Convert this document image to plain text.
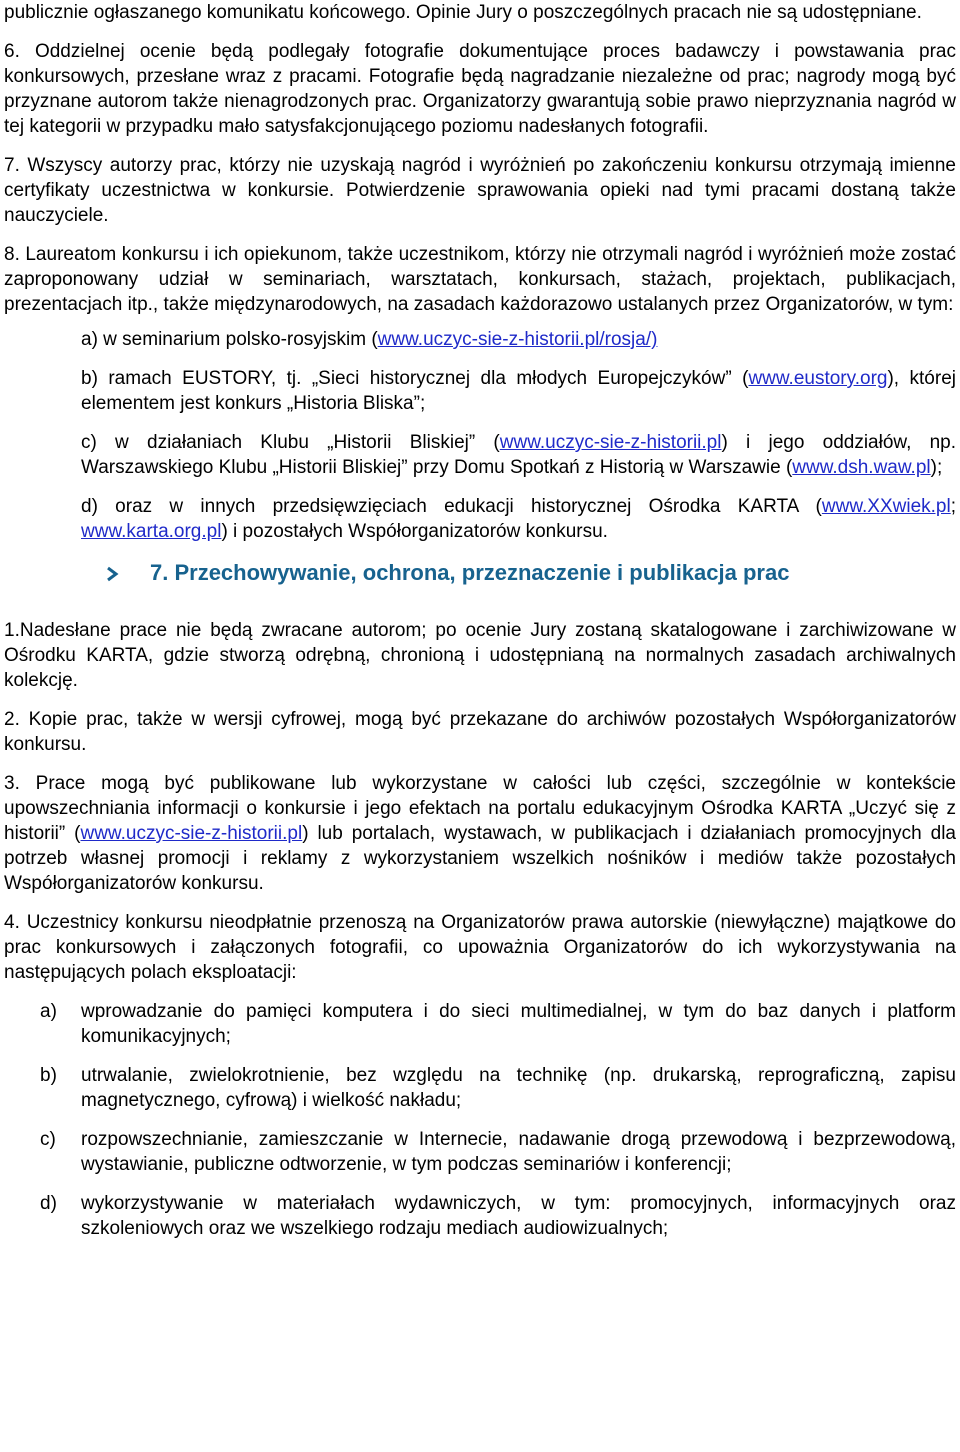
publicznie ogłaszanego komunikatu końcowego. Opinie Jury o poszczególnych pracach nie są udostępniane.

6. Oddzielnej ocenie będą podlegały fotografie dokumentujące proces badawczy i powstawania prac konkursowych, przesłane wraz z pracami. Fotografie będą nagradzanie niezależne od prac; nagrody mogą być przyznane autorom także nienagrodzonych prac. Organizatorzy gwarantują sobie prawo nieprzyznania nagród w tej kategorii w przypadku mało satysfakcjonującego poziomu nadesłanych fotografii.

7. Wszyscy autorzy prac, którzy nie uzyskają nagród i wyróżnień po zakończeniu konkursu otrzymają imienne certyfikaty uczestnictwa w konkursie. Potwierdzenie sprawowania opieki nad tymi pracami dostaną także nauczyciele.

8. Laureatom konkursu i ich opiekunom, także uczestnikom, którzy nie otrzymali nagród i wyróżnień może zostać zaproponowany udział w seminariach, warsztatach, konkursach, stażach, projektach, publikacjach, prezentacjach itp., także międzynarodowych, na zasadach każdorazowo ustalanych przez Organizatorów, w tym:

a) w seminarium polsko-rosyjskim (www.uczyc-sie-z-historii.pl/rosja/)

b) ramach EUSTORY, tj. „Sieci historycznej dla młodych Europejczyków” (www.eustory.org), której elementem jest konkurs „Historia Bliska”;

c) w działaniach Klubu „Historii Bliskiej” (www.uczyc-sie-z-historii.pl) i jego oddziałów, np. Warszawskiego Klubu „Historii Bliskiej” przy Domu Spotkań z Historią w Warszawie (www.dsh.waw.pl);

d) oraz w innych przedsięwzięciach edukacji historycznej Ośrodka KARTA (www.XXwiek.pl; www.karta.org.pl) i pozostałych Współorganizatorów konkursu.

7. Przechowywanie, ochrona, przeznaczenie i publikacja prac

1.Nadesłane prace nie będą zwracane autorom; po ocenie Jury zostaną skatalogowane i zarchiwizowane w Ośrodku KARTA, gdzie stworzą odrębną, chronioną i udostępnianą na normalnych zasadach archiwalnych kolekcję.

2. Kopie prac, także w wersji cyfrowej, mogą być przekazane do archiwów pozostałych Współorganizatorów konkursu.

3. Prace mogą być publikowane lub wykorzystane w całości lub części, szczególnie w kontekście upowszechniania informacji o konkursie i jego efektach na portalu edukacyjnym Ośrodka KARTA „Uczyć się z historii” (www.uczyc-sie-z-historii.pl) lub portalach, wystawach, w publikacjach i działaniach promocyjnych dla potrzeb własnej promocji i reklamy z wykorzystaniem wszelkich nośników i mediów także pozostałych Współorganizatorów konkursu.

4. Uczestnicy konkursu nieodpłatnie przenoszą na Organizatorów prawa autorskie (niewyłączne) majątkowe do prac konkursowych i załączonych fotografii, co upoważnia Organizatorów do ich wykorzystywania na następujących polach eksploatacji:

a)	wprowadzanie do pamięci komputera i do sieci multimedialnej, w tym do baz danych i platform komunikacyjnych;
b)	utrwalanie, zwielokrotnienie, bez względu na technikę (np. drukarską, reprograficzną, zapisu magnetycznego, cyfrową) i wielkość nakładu;
c)	rozpowszechnianie, zamieszczanie w Internecie, nadawanie drogą przewodową i bezprzewodową, wystawianie, publiczne odtworzenie, w tym podczas seminariów i konferencji;
d)	wykorzystywanie w materiałach wydawniczych, w tym: promocyjnych, informacyjnych oraz szkoleniowych oraz we wszelkiego rodzaju mediach audiowizualnych;
